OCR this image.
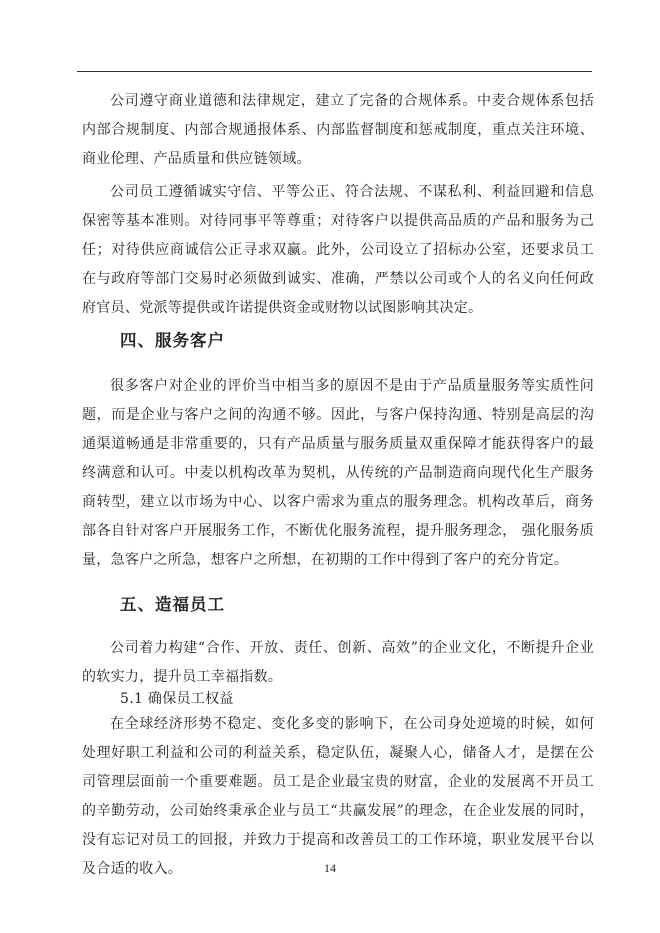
公司遵守商业道德和法律规定，建立了完备的合规体系。中麦合规体系包括内部合规制度、内部合规通报体系、内部监督制度和惩戒制度，重点关注环境、商业伦理、产品质量和供应链领域。

公司员工遵循诚实守信、平等公正、符合法规、不谋私利、利益回避和信息保密等基本准则。对待同事平等尊重；对待客户以提供高品质的产品和服务为己任；对待供应商诚信公正寻求双赢。此外，公司设立了招标办公室，还要求员工在与政府等部门交易时必须做到诚实、准确，严禁以公司或个人的名义向任何政府官员、党派等提供或许诺提供资金或财物以试图影响其决定。

四、服务客户

很多客户对企业的评价当中相当多的原因不是由于产品质量服务等实质性问题，而是企业与客户之间的沟通不够。因此，与客户保持沟通、特别是高层的沟通渠道畅通是非常重要的，只有产品质量与服务质量双重保障才能获得客户的最终满意和认可。中麦以机构改革为契机，从传统的产品制造商向现代化生产服务商转型，建立以市场为中心、以客户需求为重点的服务理念。机构改革后，商务部各自针对客户开展服务工作，不断优化服务流程，提升服务理念， 强化服务质量，急客户之所急，想客户之所想，在初期的工作中得到了客户的充分肯定。

五、造福员工

公司着力构建“合作、开放、责任、创新、高效”的企业文化，不断提升企业的软实力，提升员工幸福指数。

5.1 确保员工权益

在全球经济形势不稳定、变化多变的影响下，在公司身处逆境的时候，如何处理好职工利益和公司的利益关系，稳定队伍，凝聚人心，储备人才，是摆在公司管理层面前一个重要难题。员工是企业最宝贵的财富，企业的发展离不开员工的辛勤劳动，公司始终秉承企业与员工“共赢发展”的理念，在企业发展的同时， 没有忘记对员工的回报，并致力于提高和改善员工的工作环境，职业发展平台以及合适的收入。	14
